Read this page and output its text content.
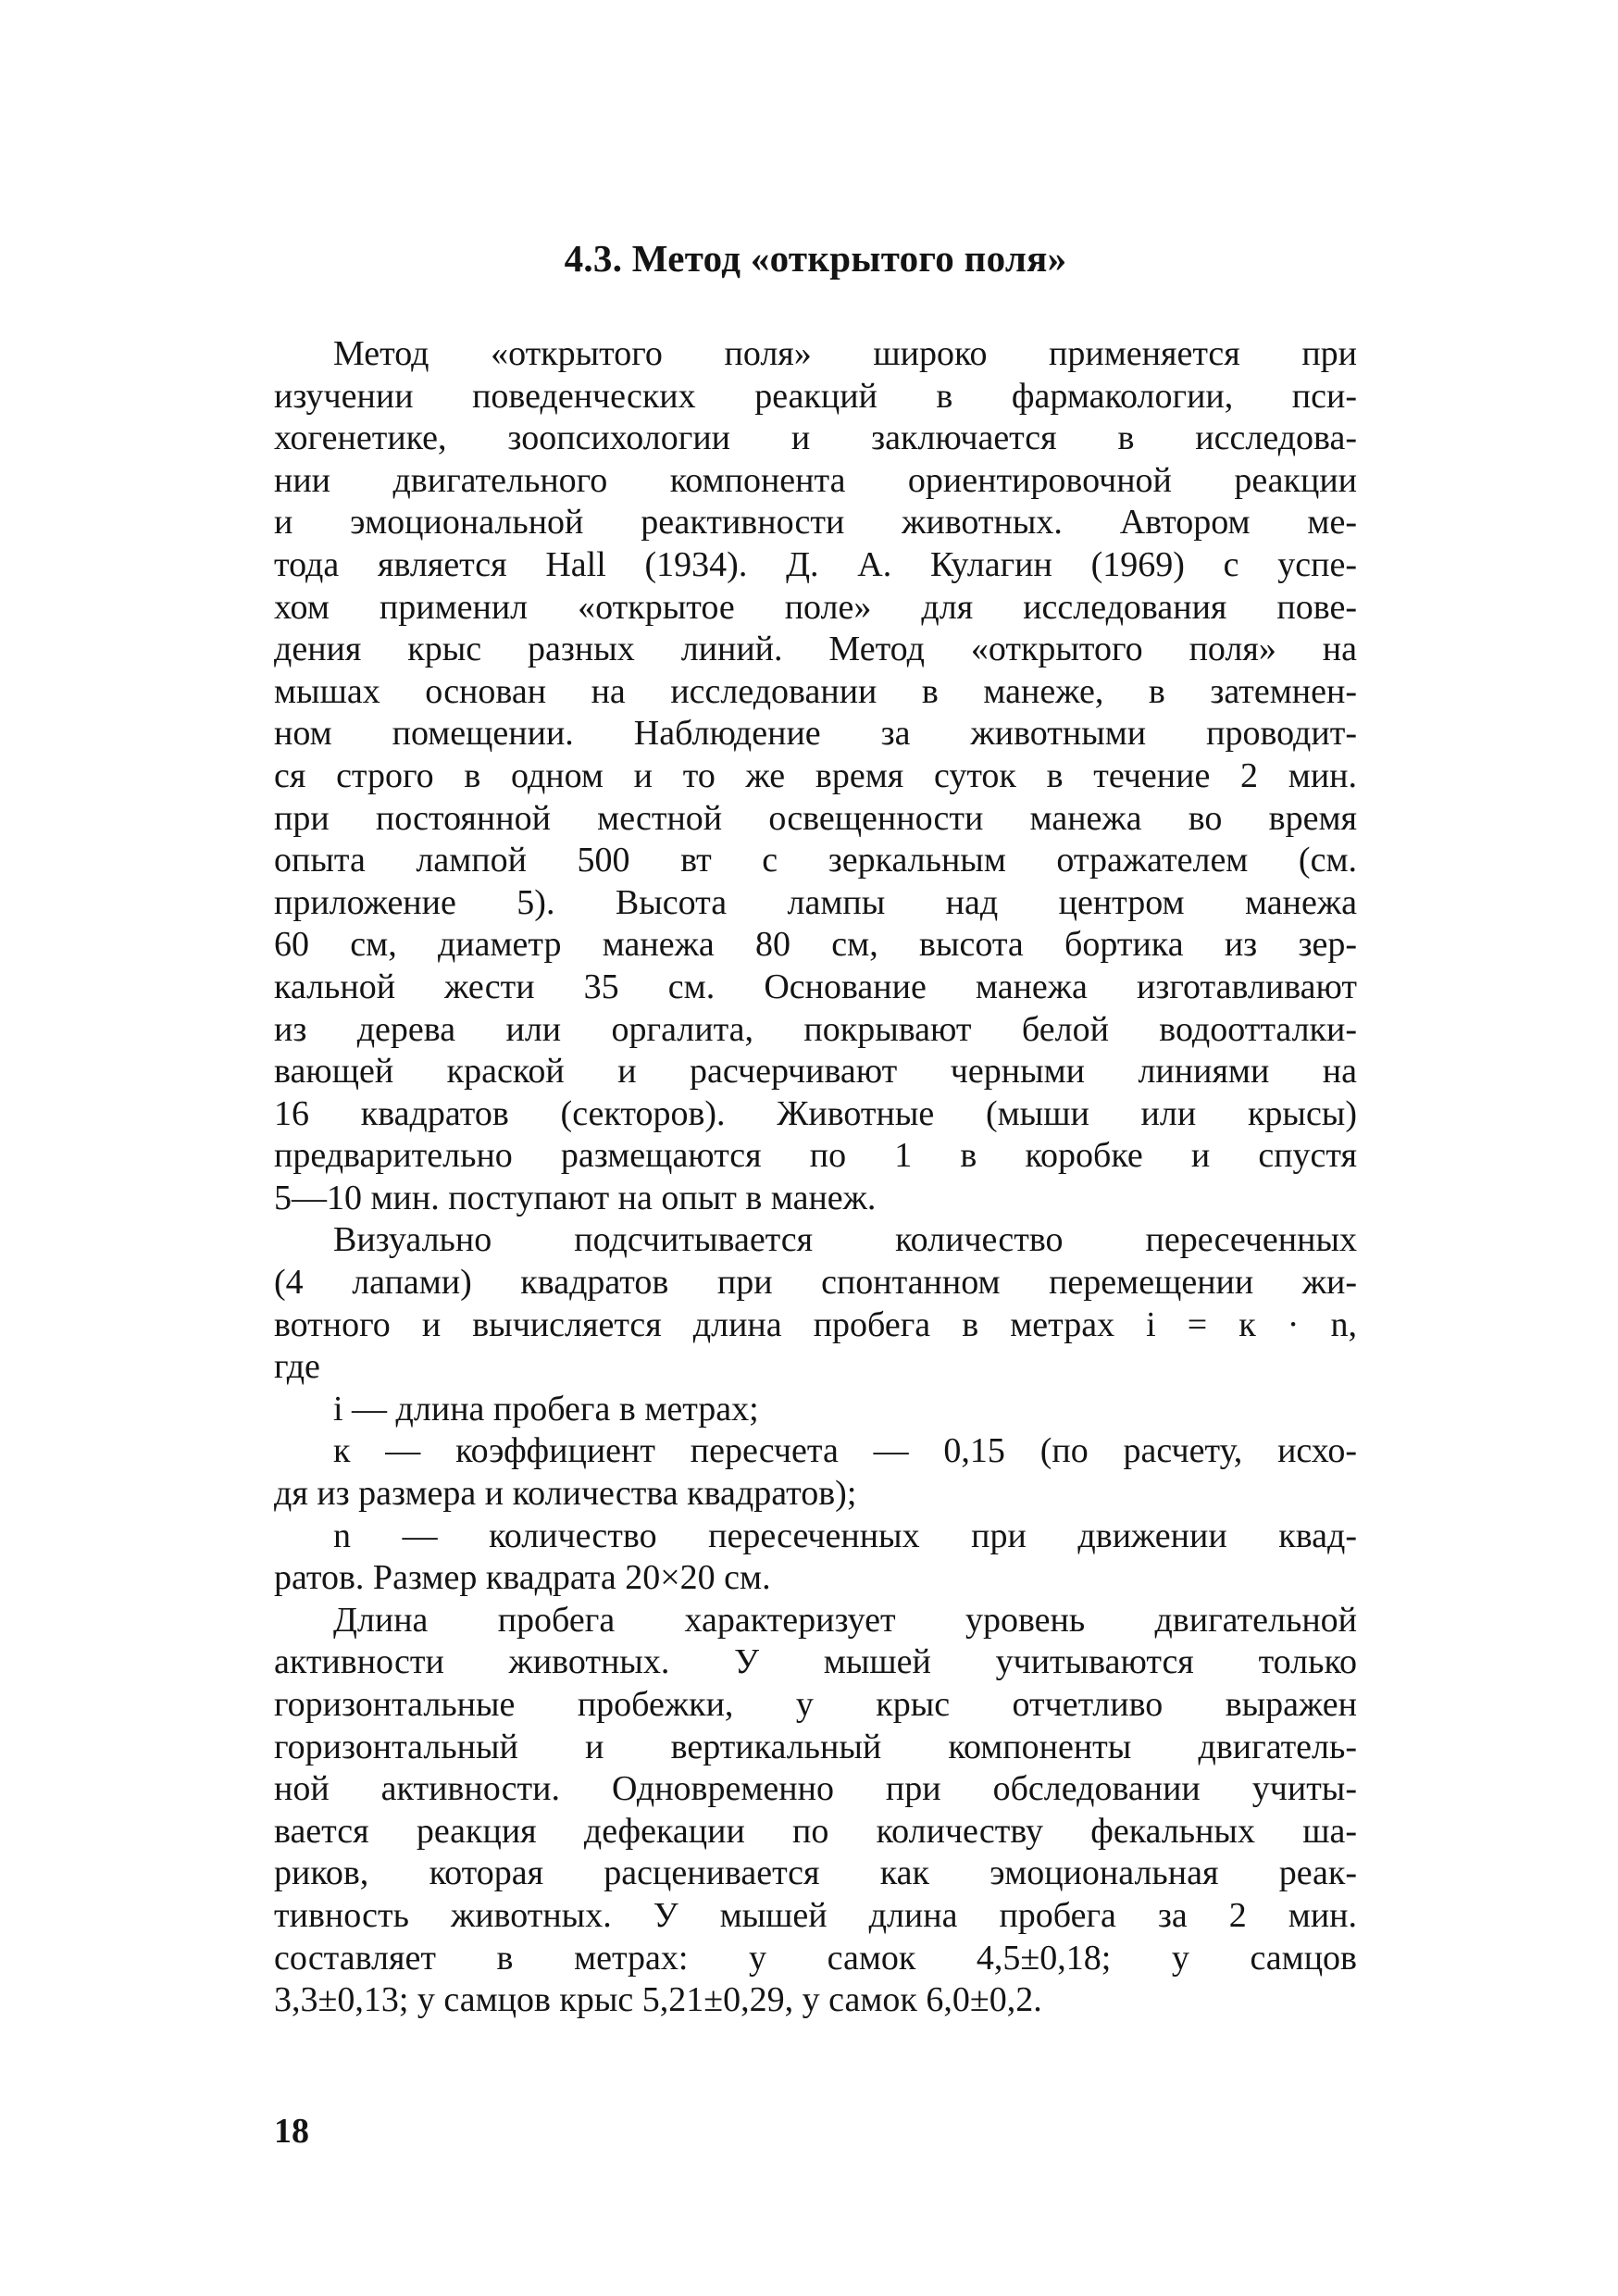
4.3. Метод «открытого поля»
Метод «открытого поля» широко применяется при
изучении поведенческих реакций в фармакологии, пси-
хогенетике, зоопсихологии и заключается в исследова-
нии двигательного компонента ориентировочной реакции
и эмоциональной реактивности животных. Автором ме-
тода является Hall (1934). Д. А. Кулагин (1969) с успе-
хом применил «открытое поле» для исследования пове-
дения крыс разных линий. Метод «открытого поля» на
мышах основан на исследовании в манеже, в затемнен-
ном помещении. Наблюдение за животными проводит-
ся строго в одном и то же время суток в течение 2 мин.
при постоянной местной освещенности манежа во время
опыта лампой 500 вт с зеркальным отражателем (см.
приложение 5). Высота лампы над центром манежа
60 см, диаметр манежа 80 см, высота бортика из зер-
кальной жести 35 см. Основание манежа изготавливают
из дерева или оргалита, покрывают белой водоотталки-
вающей краской и расчерчивают черными линиями на
16 квадратов (секторов). Животные (мыши или крысы)
предварительно размещаются по 1 в коробке и спустя
5—10 мин. поступают на опыт в манеж.
Визуально подсчитывается количество пересеченных
(4 лапами) квадратов при спонтанном перемещении жи-
вотного и вычисляется длина пробега в метрах i = к · n,
где
i — длина пробега в метрах;
к — коэффициент пересчета — 0,15 (по расчету, исхо-
дя из размера и количества квадратов);
n — количество пересеченных при движении квад-
ратов. Размер квадрата 20×20 см.
Длина пробега характеризует уровень двигательной
активности животных. У мышей учитываются только
горизонтальные пробежки, у крыс отчетливо выражен
горизонтальный и вертикальный компоненты двигатель-
ной активности. Одновременно при обследовании учиты-
вается реакция дефекации по количеству фекальных ша-
риков, которая расценивается как эмоциональная реак-
тивность животных. У мышей длина пробега за 2 мин.
составляет в метрах: у самок 4,5±0,18; у самцов
3,3±0,13; у самцов крыс 5,21±0,29, у самок 6,0±0,2.
18
